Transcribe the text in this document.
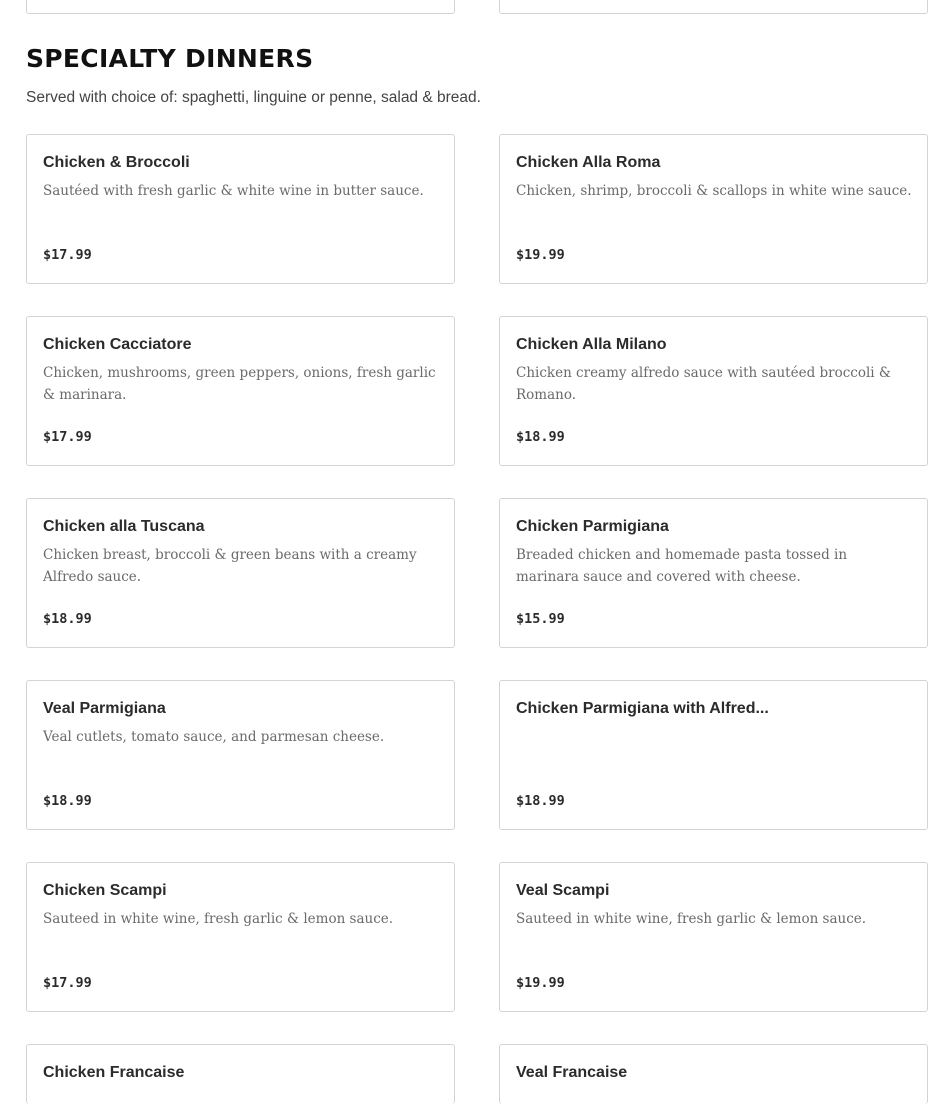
SPECIALTY DINNERS

Served with choice of: spaghetti, linguine or penne, salad & bread.

Chicken & Broccoli
Sautéed with fresh garlic & white wine in butter sauce.
$17.99
Chicken Alla Roma
Chicken, shrimp, broccoli & scallops in white wine sauce.
$19.99
Chicken Cacciatore
Chicken, mushrooms, green peppers, onions, fresh garlic & marinara.
$17.99
Chicken Alla Milano
Chicken creamy alfredo sauce with sautéed broccoli & Romano.
$18.99
Chicken alla Tuscana
Chicken breast, broccoli & green beans with a creamy Alfredo sauce.
$18.99
Chicken Parmigiana
Breaded chicken and homemade pasta tossed in marinara sauce and covered with cheese.
$15.99
Veal Parmigiana
Veal cutlets, tomato sauce, and parmesan cheese.
$18.99
Chicken Parmigiana with Alfred...
$18.99
Chicken Scampi
Sauteed in white wine, fresh garlic & lemon sauce.
$17.99
Veal Scampi
Sauteed in white wine, fresh garlic & lemon sauce.
$19.99
Chicken Francaise	Veal Francaise
